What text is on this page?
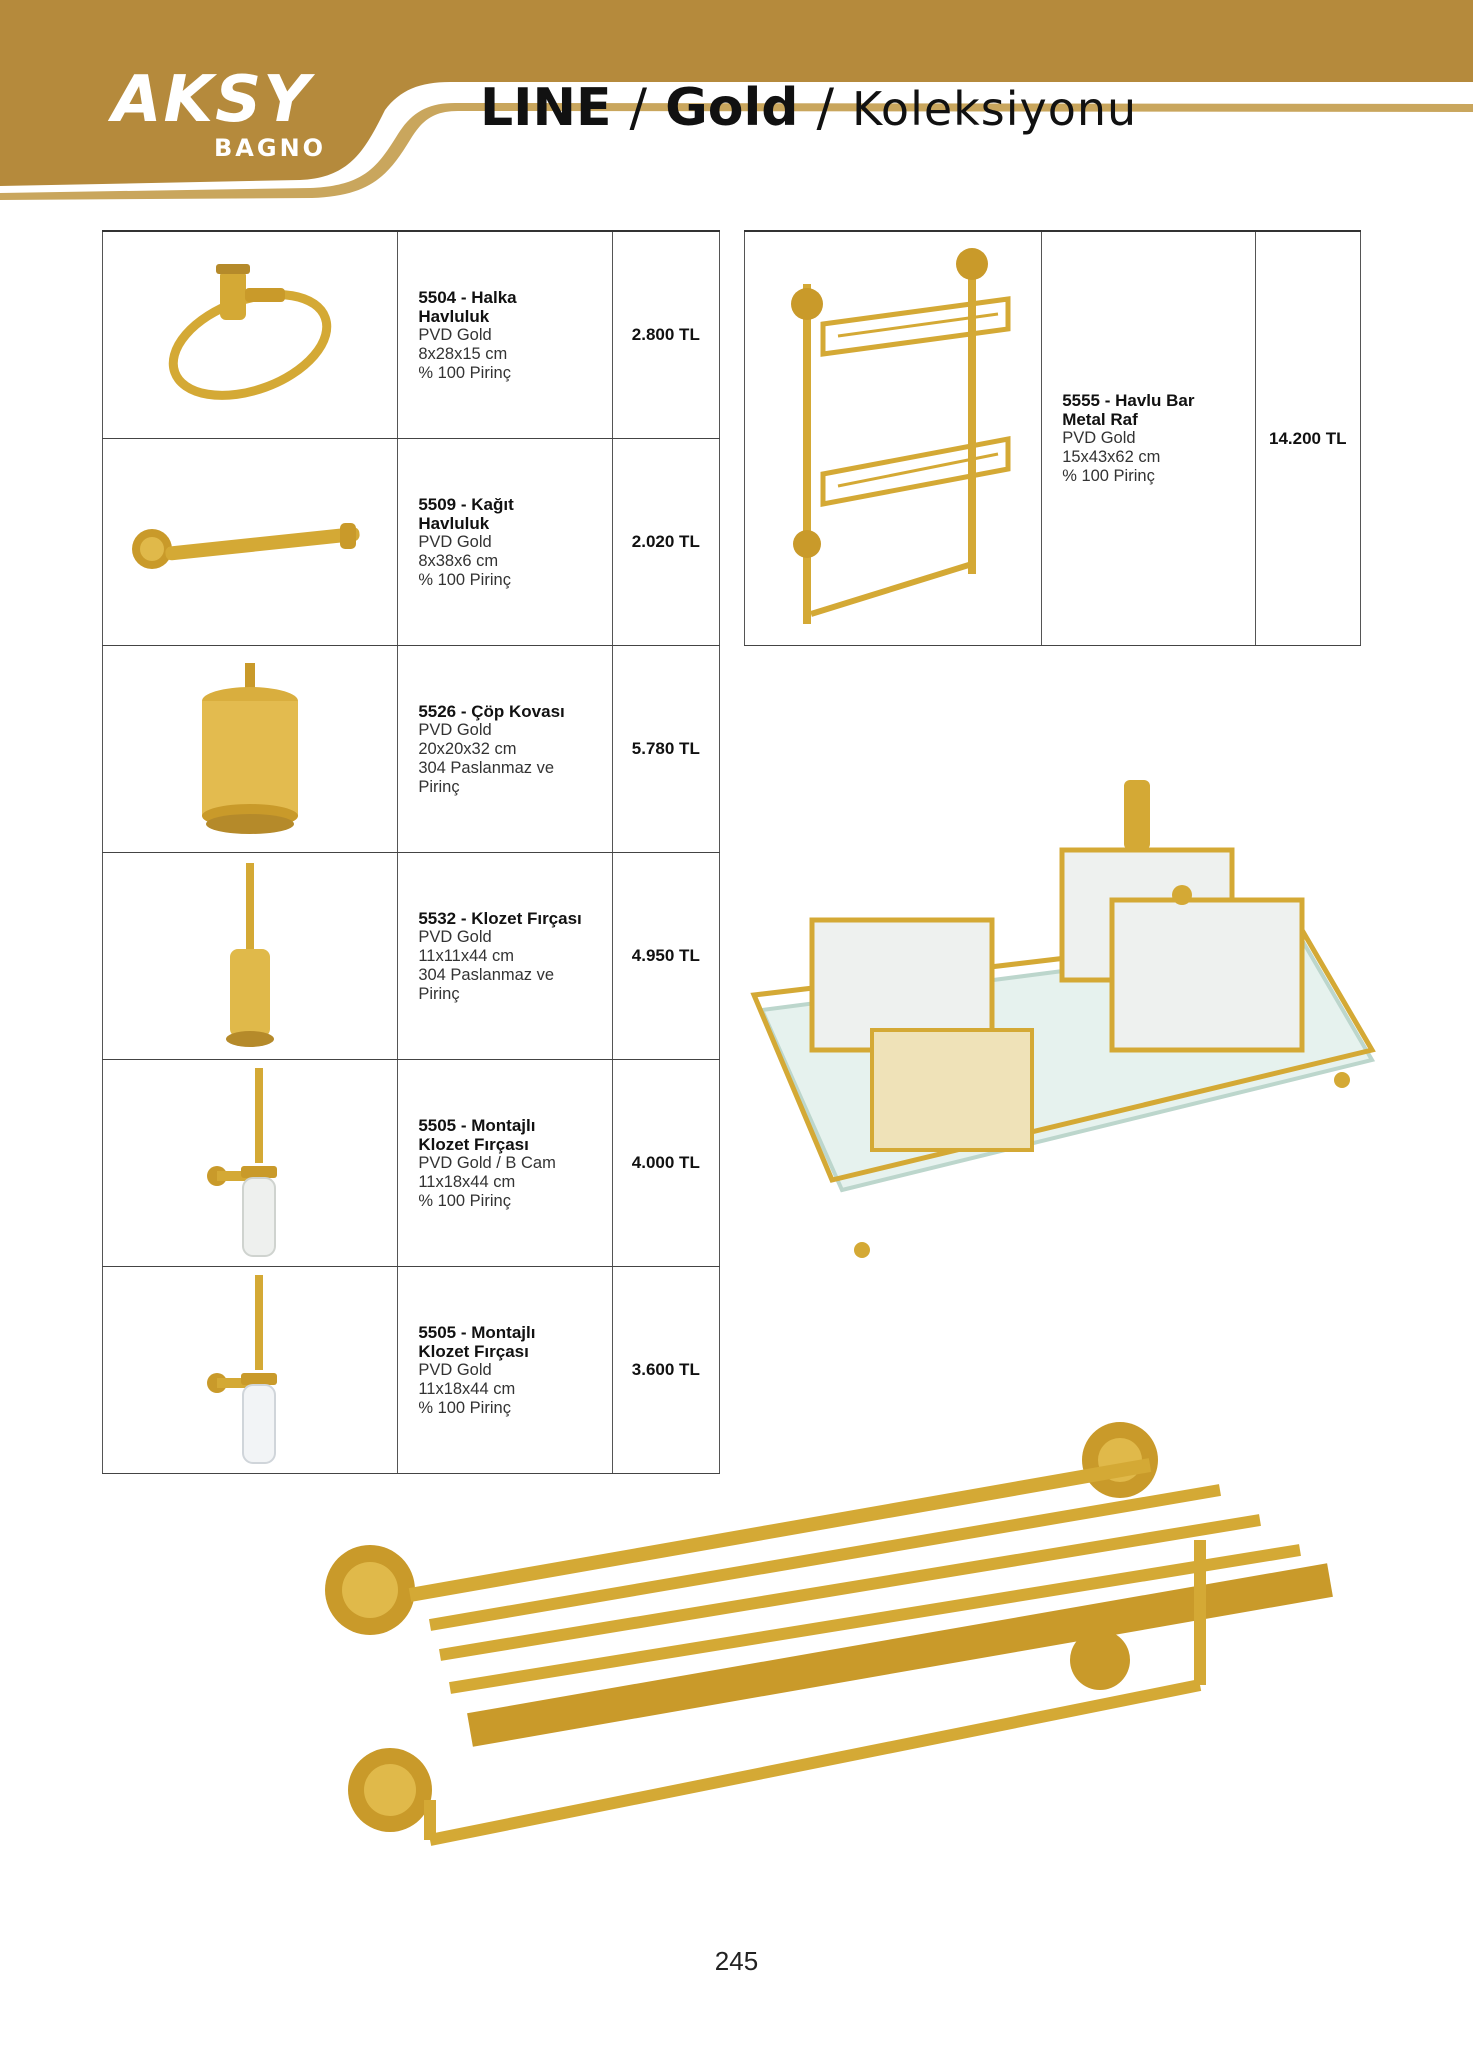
AKSY
BAGNO
LINE / Gold / Koleksiyonu

5504 - Halka
Havluluk
PVD Gold
8x28x15 cm
% 100 Pirinç	2.800 TL

5509 - Kağıt
Havluluk
PVD Gold
8x38x6 cm
% 100 Pirinç	2.020 TL

5526 - Çöp Kovası
PVD Gold
20x20x32 cm
304 Paslanmaz ve
Pirinç	5.780 TL

5532 - Klozet Fırçası
PVD Gold
11x11x44 cm
304 Paslanmaz ve
Pirinç	4.950 TL

5505 - Montajlı
Klozet Fırçası
PVD Gold / B Cam
11x18x44 cm
% 100 Pirinç	4.000 TL

5505 - Montajlı
Klozet Fırçası
PVD Gold
11x18x44 cm
% 100 Pirinç	3.600 TL

5555 - Havlu Bar
Metal Raf
PVD Gold
15x43x62 cm
% 100 Pirinç
	14.200 TL
245
